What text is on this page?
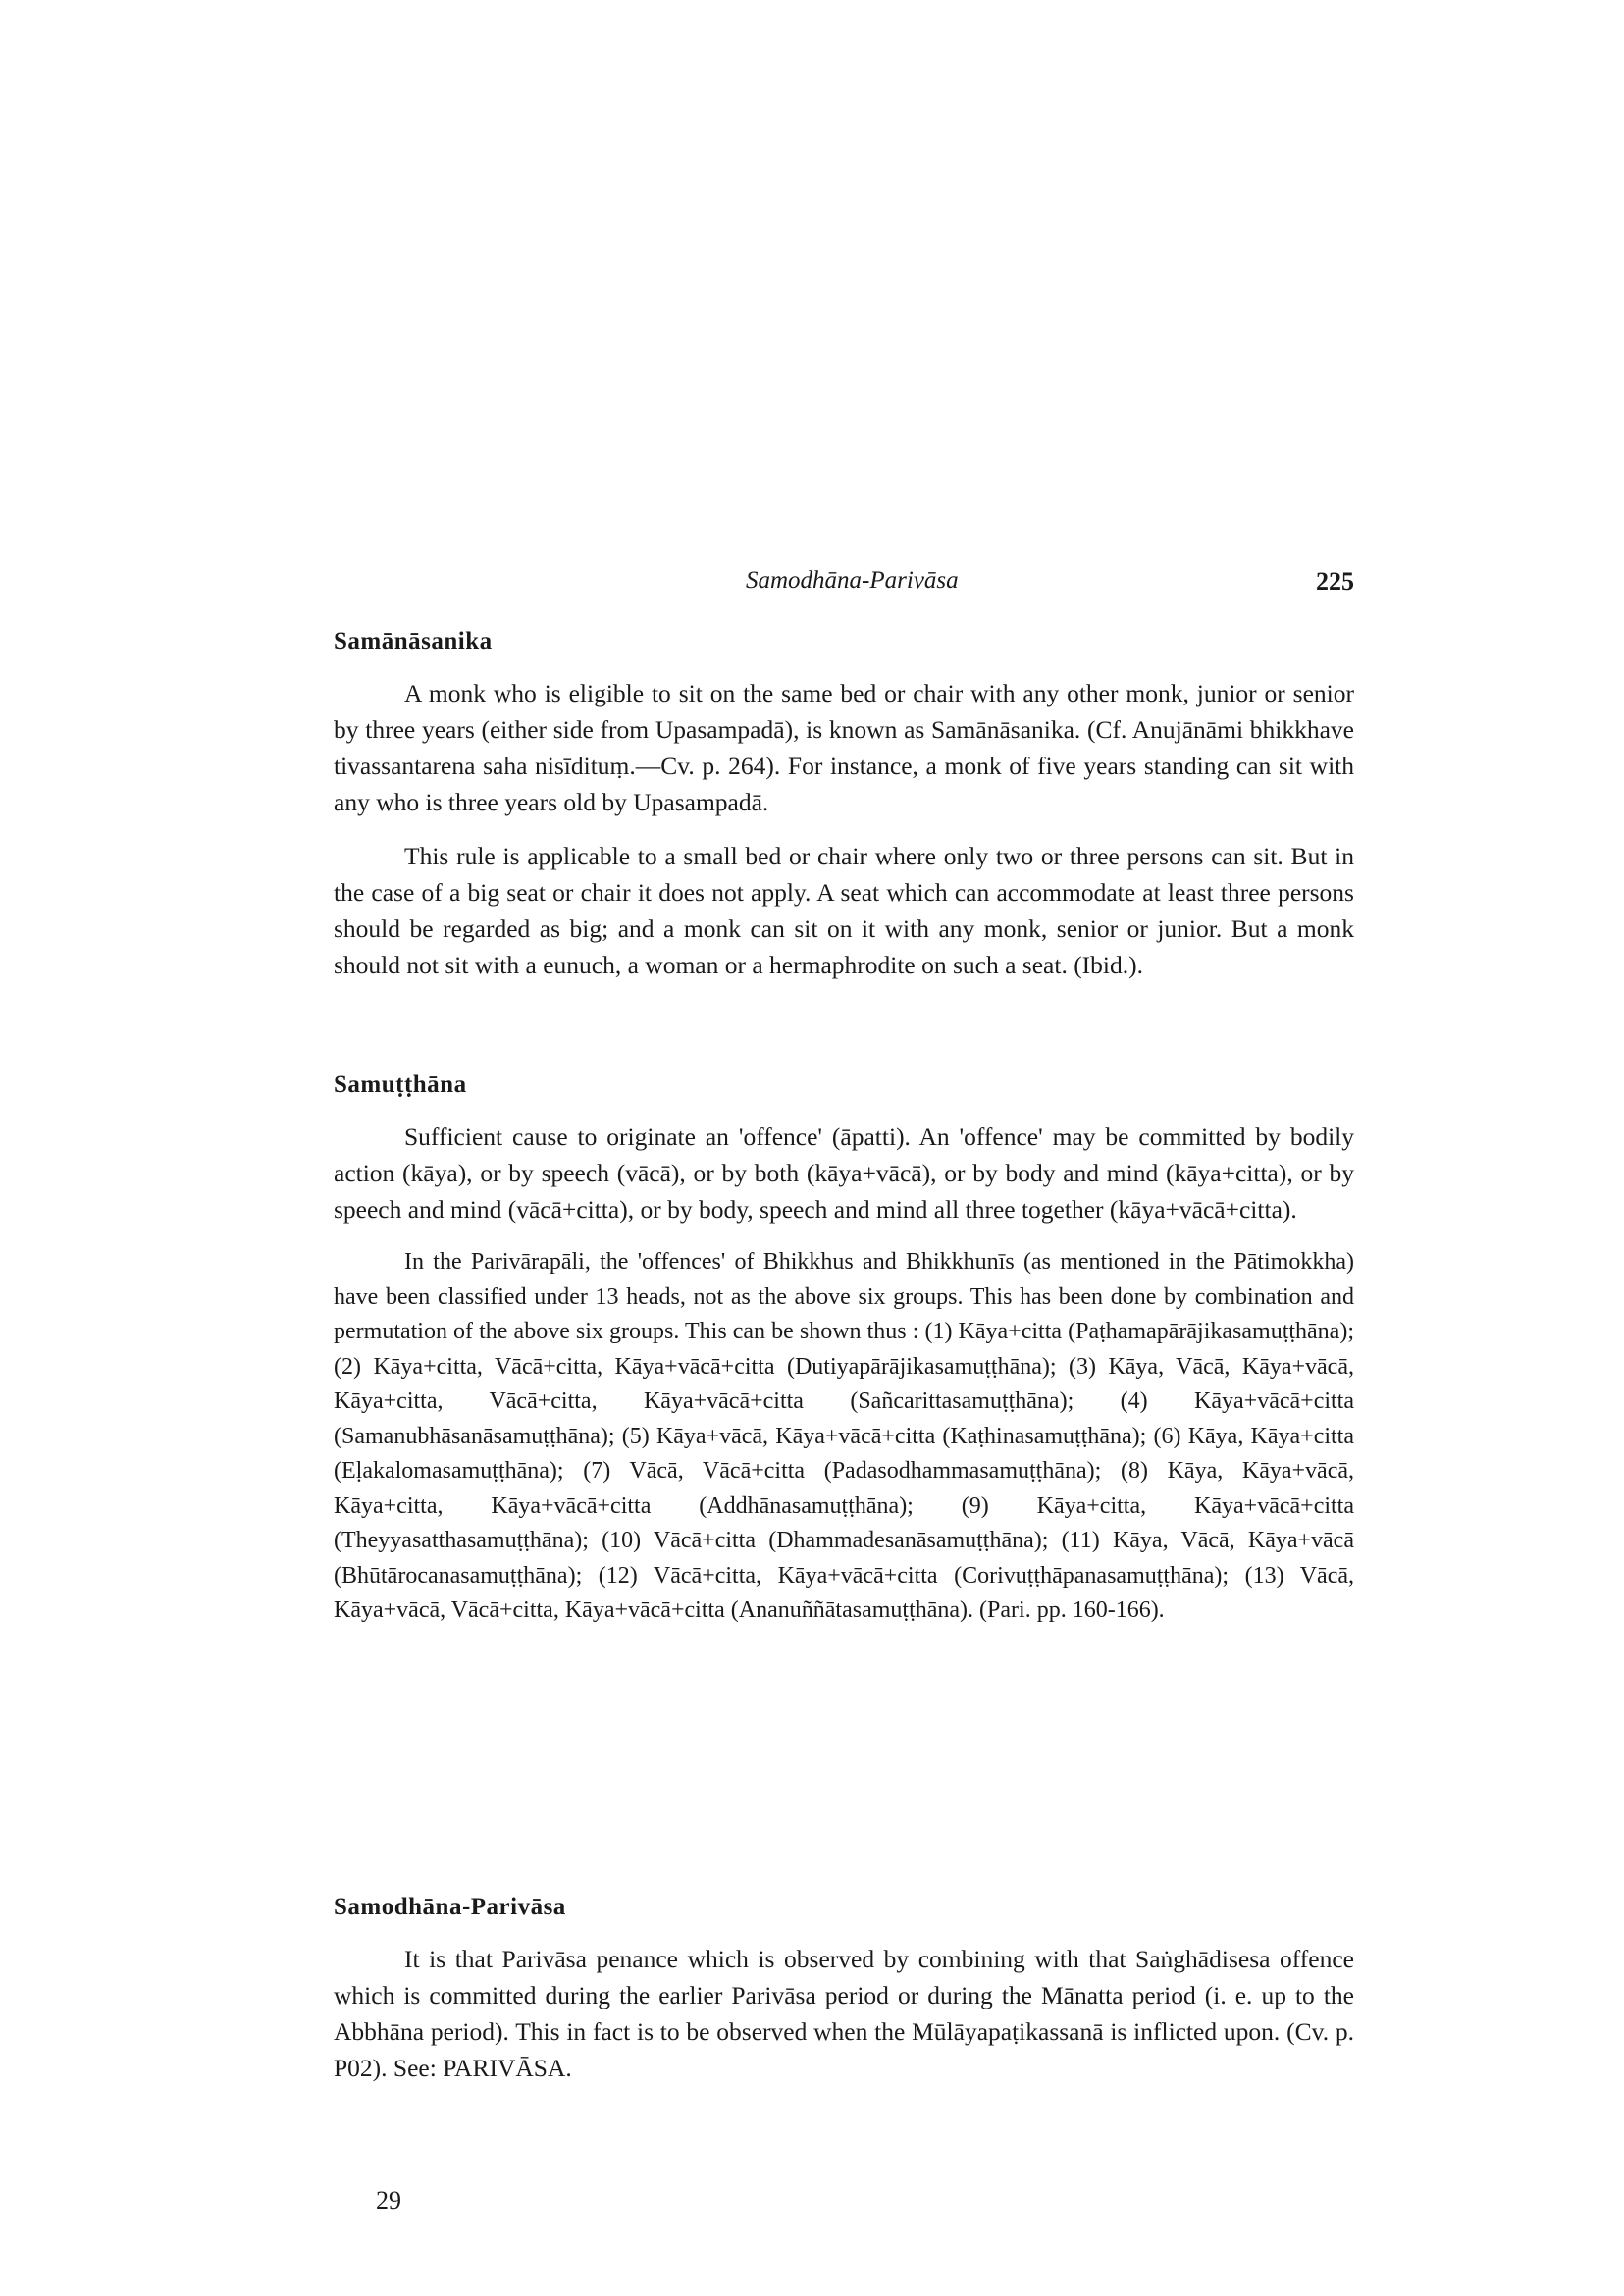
Samodhāna-Parivāsa	225
Samānāsanika

A monk who is eligible to sit on the same bed or chair with any other monk, junior or senior by three years (either side from Upasampadā), is known as Samānāsanika. (Cf. Anujānāmi bhikkhave tivassantarena saha nisīdituṃ.—Cv. p. 264). For instance, a monk of five years standing can sit with any who is three years old by Upasampadā.

This rule is applicable to a small bed or chair where only two or three persons can sit. But in the case of a big seat or chair it does not apply. A seat which can accommodate at least three persons should be regarded as big; and a monk can sit on it with any monk, senior or junior. But a monk should not sit with a eunuch, a woman or a hermaphrodite on such a seat. (Ibid.).

Samuṭṭhāna

Sufficient cause to originate an 'offence' (āpatti). An 'offence' may be committed by bodily action (kāya), or by speech (vācā), or by both (kāya+vācā), or by body and mind (kāya+citta), or by speech and mind (vācā+citta), or by body, speech and mind all three together (kāya+vācā+citta).

In the Parivārapāli, the 'offences' of Bhikkhus and Bhikkhunīs (as mentioned in the Pātimokkha) have been classified under 13 heads, not as the above six groups. This has been done by combination and permutation of the above six groups. This can be shown thus : (1) Kāya+citta (Paṭhamapārājikasamuṭṭhāna); (2) Kāya+citta, Vācā+citta, Kāya+vācā+citta (Dutiyapārājikasamuṭṭhāna); (3) Kāya, Vācā, Kāya+vācā, Kāya+citta, Vācā+citta, Kāya+vācā+citta (Sañcarittasamuṭṭhāna); (4) Kāya+vācā+citta (Samanubhāsanāsamuṭṭhāna); (5) Kāya+vācā, Kāya+vācā+citta (Kaṭhinasamuṭṭhāna); (6) Kāya, Kāya+citta (Eḷakalomasamuṭṭhāna); (7) Vācā, Vācā+citta (Padasodhammasamuṭṭhāna); (8) Kāya, Kāya+vācā, Kāya+citta, Kāya+vācā+citta (Addhānasamuṭṭhāna); (9) Kāya+citta, Kāya+vācā+citta (Theyyasatthasamuṭṭhāna); (10) Vācā+citta (Dhammadesanāsamuṭṭhāna); (11) Kāya, Vācā, Kāya+vācā (Bhūtārocanasamuṭṭhāna); (12) Vācā+citta, Kāya+vācā+citta (Corivuṭṭhāpanasamuṭṭhāna); (13) Vācā, Kāya+vācā, Vācā+citta, Kāya+vācā+citta (Ananuññātasamuṭṭhāna). (Pari. pp. 160-166).

Samodhāna-Parivāsa

It is that Parivāsa penance which is observed by combining with that Saṅghādisesa offence which is committed during the earlier Parivāsa period or during the Mānatta period (i. e. up to the Abbhāna period). This in fact is to be observed when the Mūlāyapaṭikassanā is inflicted upon. (Cv. p. P02). See: PARIVĀSA.

29
